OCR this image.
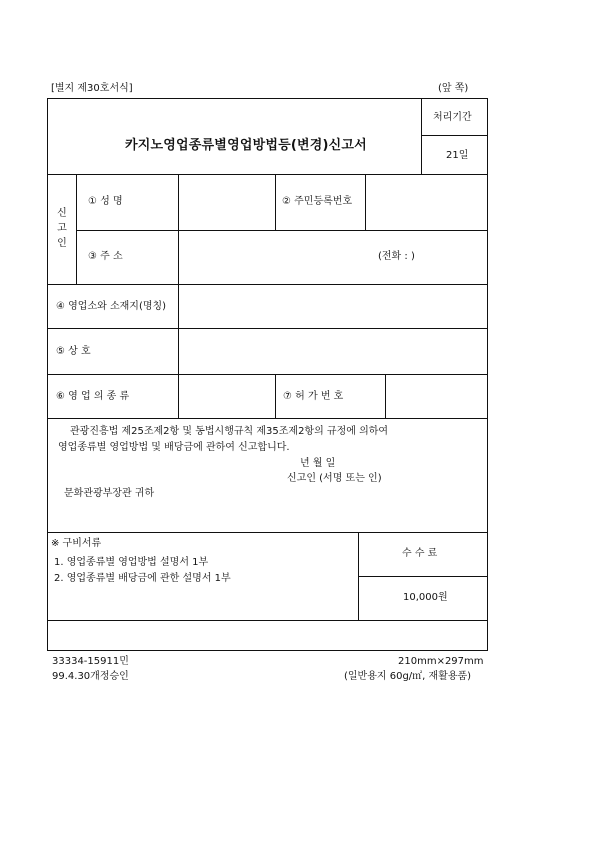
[별지 제30호서식]	(앞 쪽)
카지노영업종류별영업방법등(변경)신고서
처리기간
21일
신고인
① 성 명	② 주민등록번호
③ 주 소	(전화 : )
④ 영업소와 소재지(명칭)
⑤ 상 호
⑥ 영 업 의 종 류	⑦ 허 가 번 호
관광진흥법 제25조제2항 및 동법시행규칙 제35조제2항의 규정에 의하여
영업종류별 영업방법 및 배당금에 관하여 신고합니다.
년 월 일
신고인 (서명 또는 인)
문화관광부장관 귀하
※ 구비서류
1. 영업종류별 영업방법 설명서 1부
2. 영업종류별 배당금에 관한 설명서 1부
수 수 료
10,000원
33334-15911민
99.4.30개정승인
210mm×297mm
(일반용지 60g/㎡, 재활용품)
